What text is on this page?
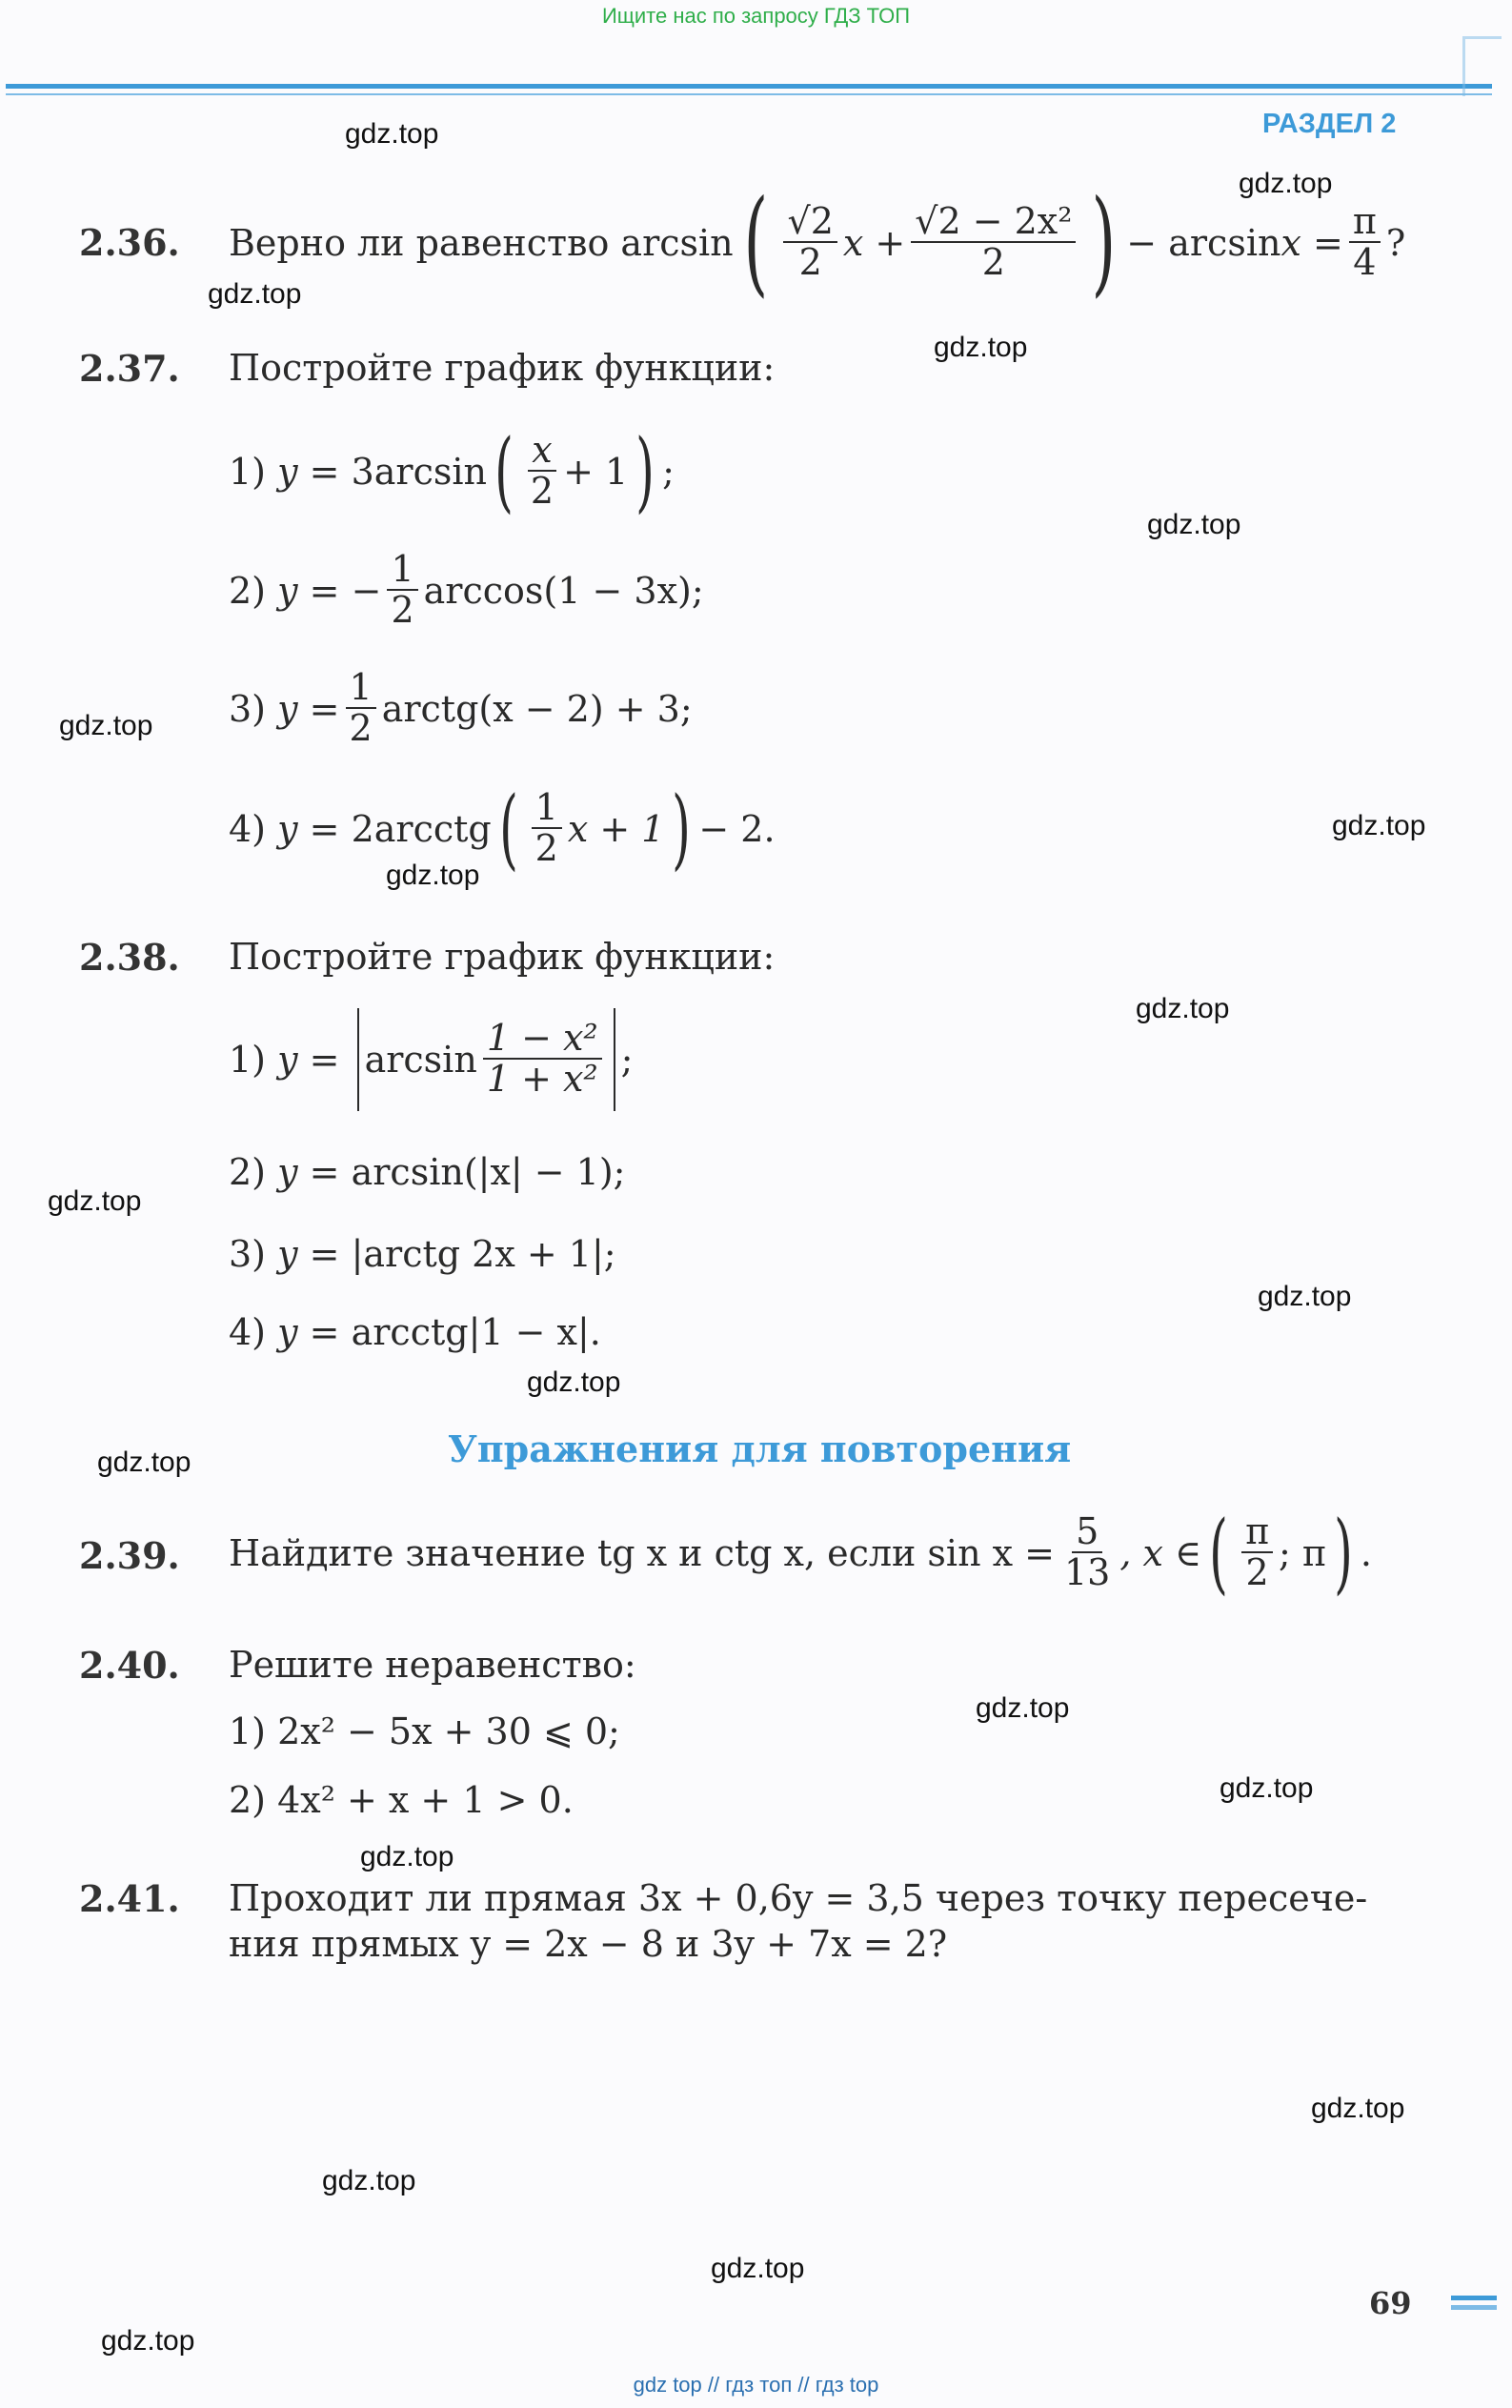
Ищите нас по запросу ГДЗ ТОП
РАЗДЕЛ 2
2.36. Верно ли равенство arcsin ( $\frac{√2}{2}$ $x + \frac{\text{√2 − 2x²}}{2}$ ) − arcsin x
= $\frac{\pi}{4}$ ?
2.37. Постройте график функции:
1)
y
= 3arcsin ( $\frac{x}{2} + 1$ ) ;
2)
y
= − $\frac{1}{2} \arccos(1 - 3x)$;
3)
y
= $\frac{1}{2}$ arctg(x − 2) + 3;
4)
y
= 2arcctg ( $\frac{1}{2}$ x + 1 ) − 2.
2.38. Постройте график функции:
1)
$y = \arcsin \frac{\text{1 − x²}}{\text{1 + x²}}$ ;
2) y = arcsin(|x| − 1);
3) y = |arctg 2x + 1|;
4) y = arcctg|1 − x|.
Упражнения для повторения
2.39. Найдите значение tg x и ctg x, если $\sin x = \frac{5}{13}$ , x ∈ ( $\frac{\pi}{2}$ ; π ) .
2.40. Решите неравенство:
1) 2x² − 5x + 30 ⩽ 0;
2) 4x² + x + 1 > 0.
2.41. Проходит ли прямая 3x + 0,6y = 3,5 через точку пересече-
ния прямых y = 2x − 8 и 3y + 7x = 2?
gdz.top
gdz.top
gdz.top
gdz.top
gdz.top
gdz.top
gdz.top
gdz.top
gdz.top
gdz.top
gdz.top
gdz.top
gdz.top
gdz.top
gdz.top
gdz.top
gdz.top
gdz.top
gdz.top
gdz.top
69
gdz top // гдз топ // гдз top
